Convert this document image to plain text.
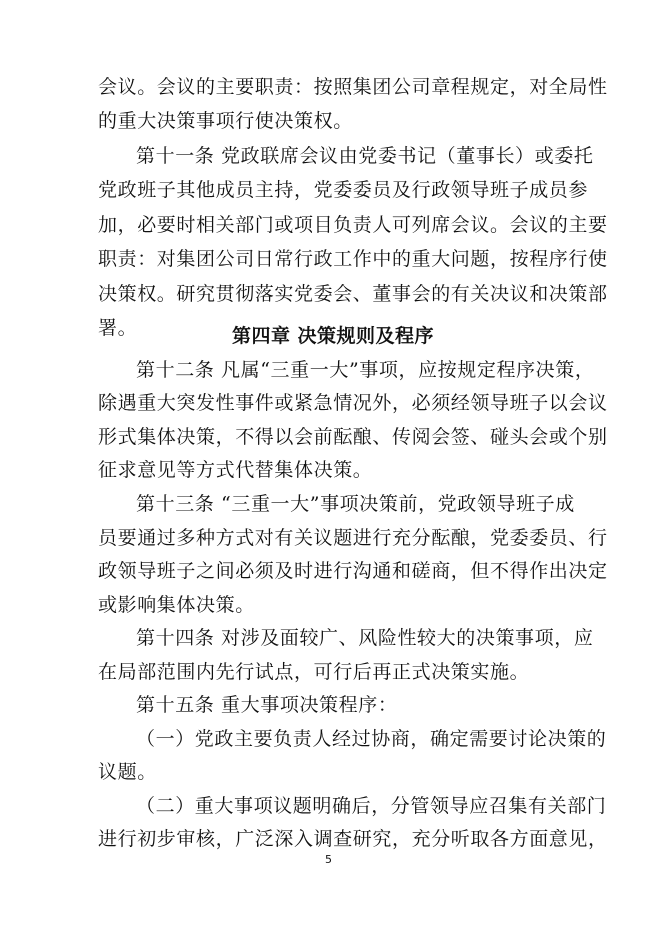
会议。会议的主要职责：按照集团公司章程规定，对全局性
的重大决策事项行使决策权。
第十一条 党政联席会议由党委书记（董事长）或委托
党政班子其他成员主持，党委委员及行政领导班子成员参
加，必要时相关部门或项目负责人可列席会议。会议的主要
职责：对集团公司日常行政工作中的重大问题，按程序行使
决策权。研究贯彻落实党委会、董事会的有关决议和决策部
署。	第四章 决策规则及程序
第十二条 凡属“三重一大”事项，应按规定程序决策，
除遇重大突发性事件或紧急情况外，必须经领导班子以会议
形式集体决策，不得以会前酝酿、传阅会签、碰头会或个别
征求意见等方式代替集体决策。
第十三条 “三重一大”事项决策前，党政领导班子成
员要通过多种方式对有关议题进行充分酝酿，党委委员、行
政领导班子之间必须及时进行沟通和磋商，但不得作出决定
或影响集体决策。
第十四条 对涉及面较广、风险性较大的决策事项，应
在局部范围内先行试点，可行后再正式决策实施。
第十五条 重大事项决策程序：
（一）党政主要负责人经过协商，确定需要讨论决策的
议题。
（二）重大事项议题明确后，分管领导应召集有关部门
进行初步审核，广泛深入调查研究，充分听取各方面意见，
5
